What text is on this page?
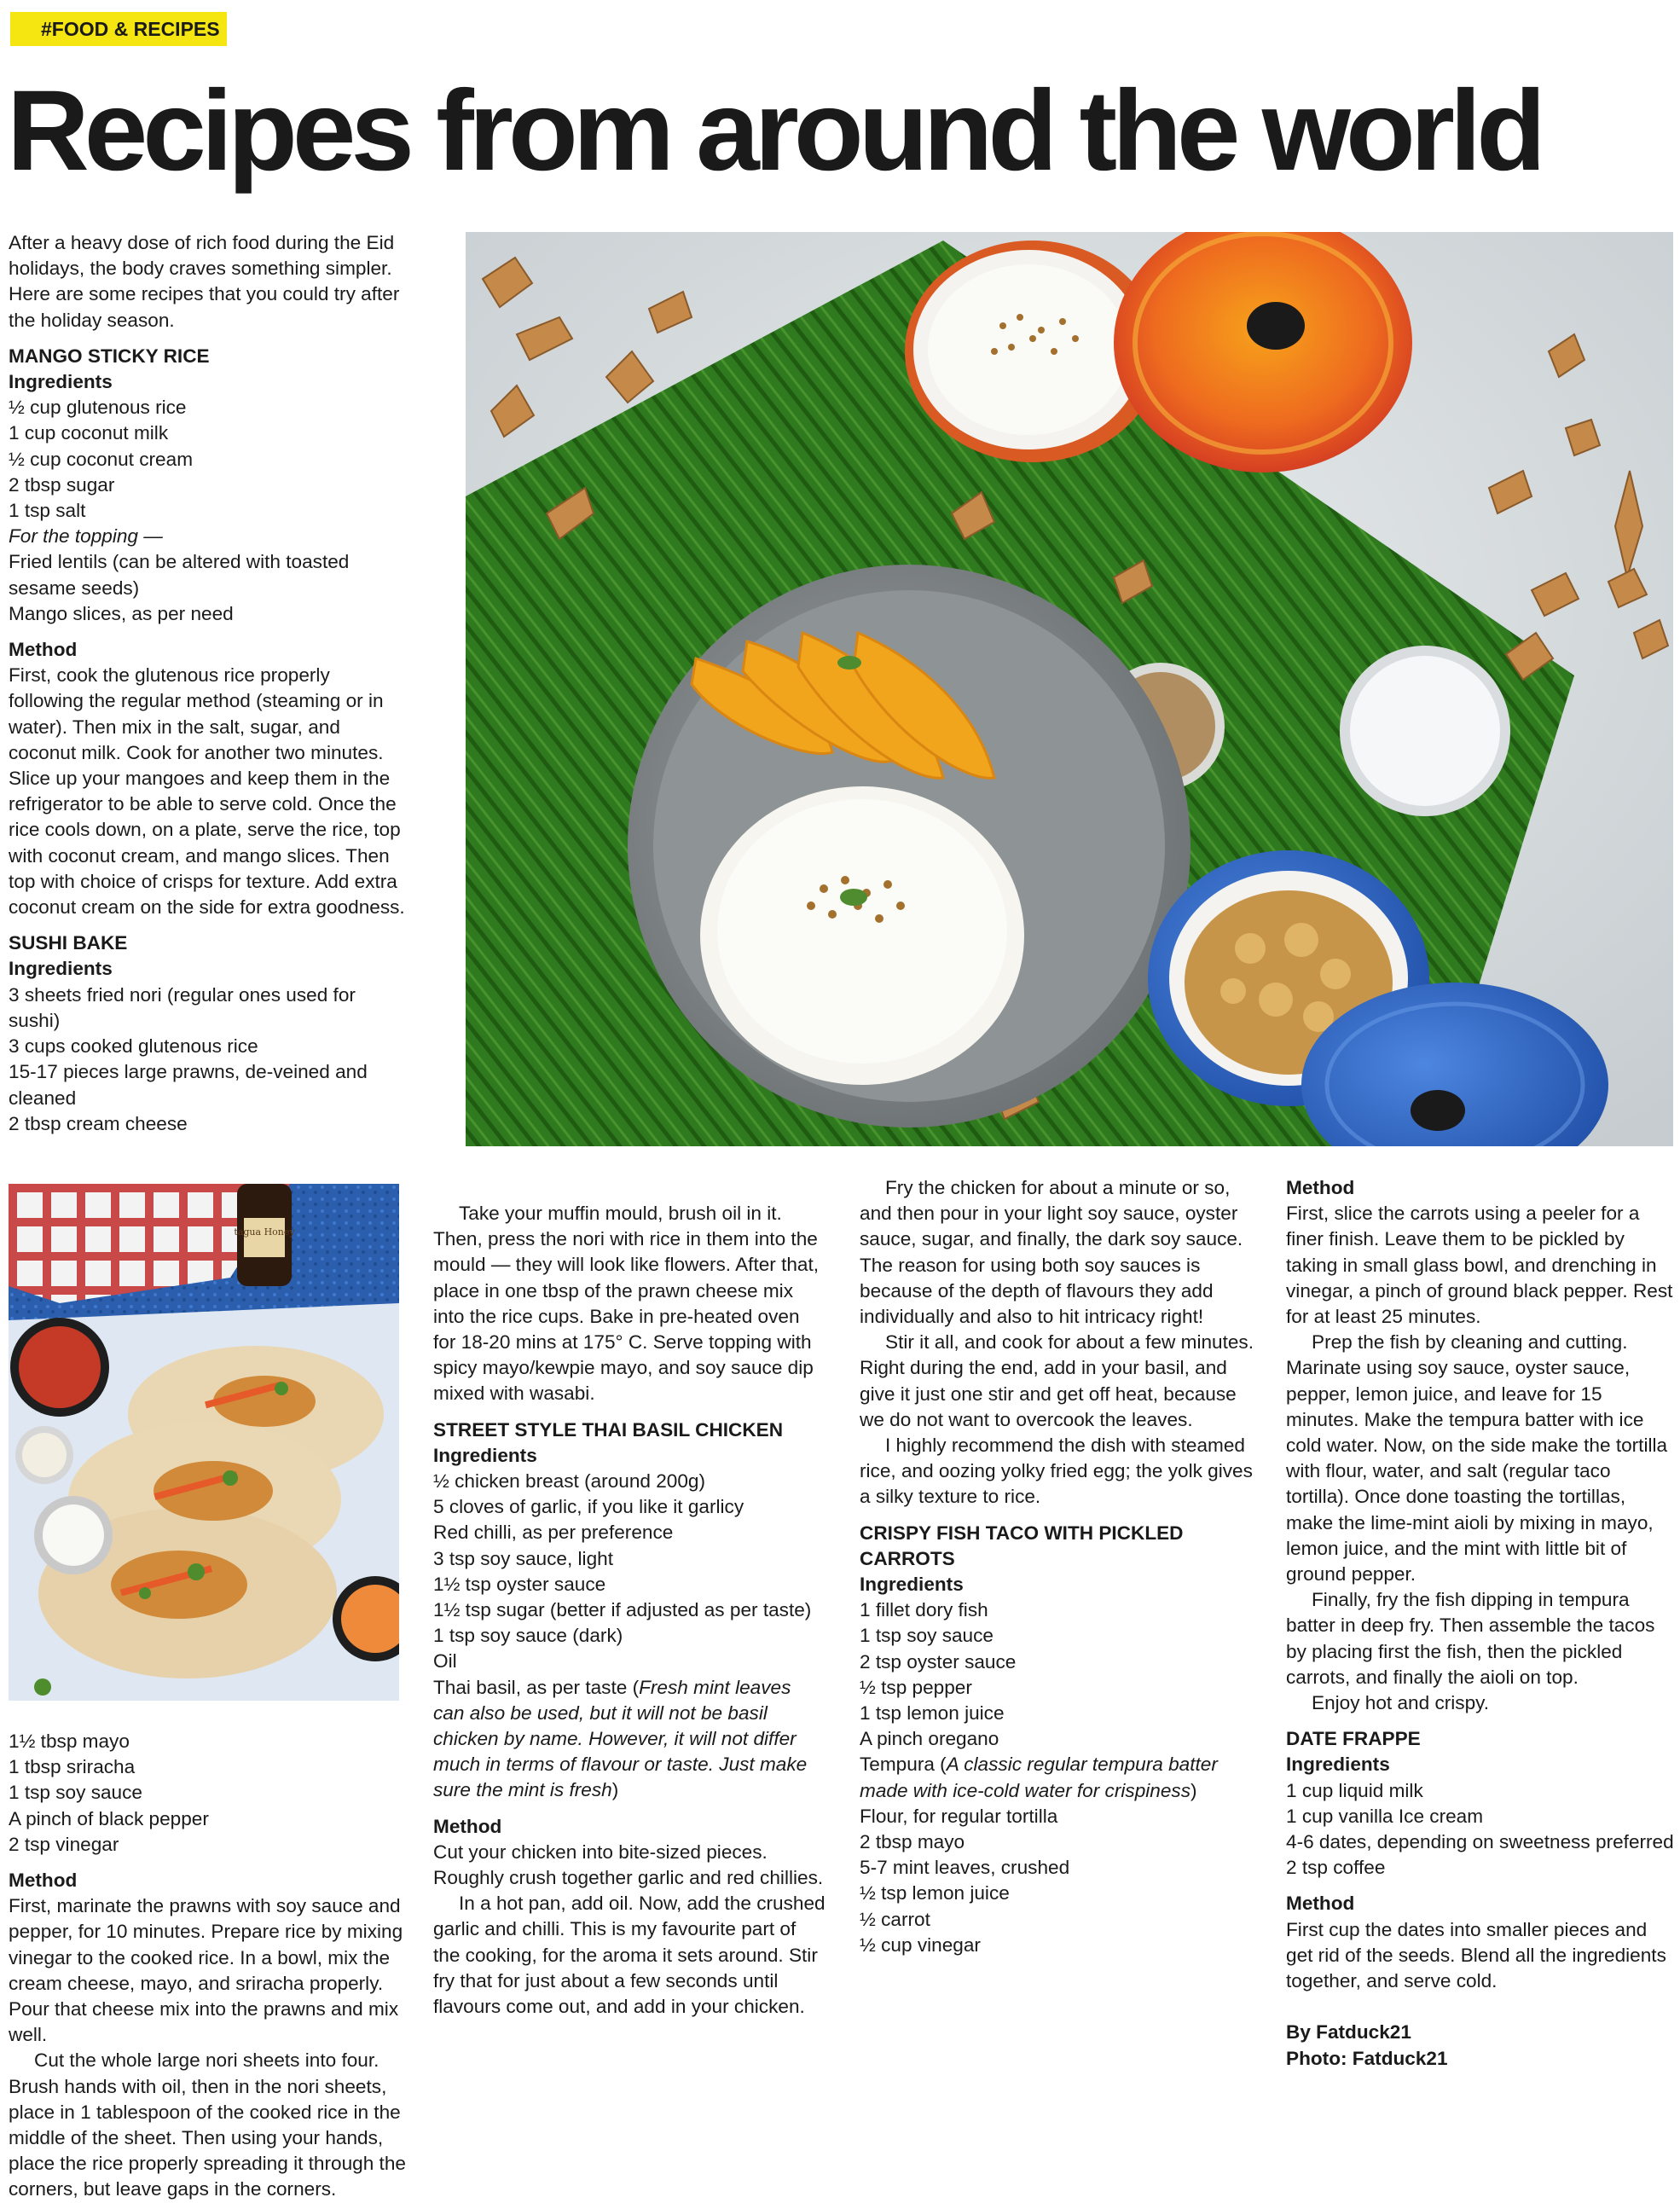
#FOOD & RECIPES
Recipes from around the world

After a heavy dose of rich food during the Eid holidays, the body craves something simpler. Here are some recipes that you could try after the holiday season.

MANGO STICKY RICE

Ingredients

½ cup glutenous rice

1 cup coconut milk

½ cup coconut cream

2 tbsp sugar

1 tsp salt

For the topping —

Fried lentils (can be altered with toasted sesame seeds)

Mango slices, as per need

Method

First, cook the glutenous rice properly following the regular method (steaming or in water). Then mix in the salt, sugar, and coconut milk. Cook for another two minutes. Slice up your mangoes and keep them in the refrigerator to be able to serve cold. Once the rice cools down, on a plate, serve the rice, top with coconut cream, and mango slices. Then top with choice of crisps for texture. Add extra coconut cream on the side for extra goodness.

SUSHI BAKE

Ingredients

3 sheets fried nori (regular ones used for sushi)

3 cups cooked glutenous rice

15-17 pieces large prawns, de-veined and cleaned

2 tbsp cream cheese

tagua Honey

1½ tbsp mayo

1 tbsp sriracha

1 tsp soy sauce

A pinch of black pepper

2 tsp vinegar

Method

First, marinate the prawns with soy sauce and pepper, for 10 minutes. Prepare rice by mixing vinegar to the cooked rice. In a bowl, mix the cream cheese, mayo, and sriracha properly. Pour that cheese mix into the prawns and mix well.

Cut the whole large nori sheets into four. Brush hands with oil, then in the nori sheets, place in 1 tablespoon of the cooked rice in the middle of the sheet. Then using your hands, place the rice properly spreading it through the corners, but leave gaps in the corners.

Take your muffin mould, brush oil in it. Then, press the nori with rice in them into the mould — they will look like flowers. After that, place in one tbsp of the prawn cheese mix into the rice cups. Bake in pre-heated oven for 18-20 mins at 175° C. Serve topping with spicy mayo/kewpie mayo, and soy sauce dip mixed with wasabi.

STREET STYLE THAI BASIL CHICKEN

Ingredients

½ chicken breast (around 200g)

5 cloves of garlic, if you like it garlicy

Red chilli, as per preference

3 tsp soy sauce, light

1½ tsp oyster sauce

1½ tsp sugar (better if adjusted as per taste)

1 tsp soy sauce (dark)

Oil

Thai basil, as per taste (Fresh mint leaves can also be used, but it will not be basil chicken by name. However, it will not differ much in terms of flavour or taste. Just make sure the mint is fresh)

Method

Cut your chicken into bite-sized pieces. Roughly crush together garlic and red chillies.

In a hot pan, add oil. Now, add the crushed garlic and chilli. This is my favourite part of the cooking, for the aroma it sets around. Stir fry that for just about a few seconds until flavours come out, and add in your chicken.

Fry the chicken for about a minute or so, and then pour in your light soy sauce, oyster sauce, sugar, and finally, the dark soy sauce. The reason for using both soy sauces is because of the depth of flavours they add individually and also to hit intricacy right!

Stir it all, and cook for about a few minutes. Right during the end, add in your basil, and give it just one stir and get off heat, because we do not want to overcook the leaves.

I highly recommend the dish with steamed rice, and oozing yolky fried egg; the yolk gives a silky texture to rice.

CRISPY FISH TACO WITH PICKLED CARROTS

Ingredients

1 fillet dory fish

1 tsp soy sauce

2 tsp oyster sauce

½ tsp pepper

1 tsp lemon juice

A pinch oregano

Tempura (A classic regular tempura batter made with ice-cold water for crispiness)

Flour, for regular tortilla

2 tbsp mayo

5-7 mint leaves, crushed

½ tsp lemon juice

½ carrot

½ cup vinegar

Method

First, slice the carrots using a peeler for a finer finish. Leave them to be pickled by taking in small glass bowl, and drenching in vinegar, a pinch of ground black pepper. Rest for at least 25 minutes.

Prep the fish by cleaning and cutting. Marinate using soy sauce, oyster sauce, pepper, lemon juice, and leave for 15 minutes. Make the tempura batter with ice cold water. Now, on the side make the tortilla with flour, water, and salt (regular taco tortilla). Once done toasting the tortillas, make the lime-mint aioli by mixing in mayo, lemon juice, and the mint with little bit of ground pepper.

Finally, fry the fish dipping in tempura batter in deep fry. Then assemble the tacos by placing first the fish, then the pickled carrots, and finally the aioli on top.

Enjoy hot and crispy.

DATE FRAPPE

Ingredients

1 cup liquid milk

1 cup vanilla Ice cream

4-6 dates, depending on sweetness preferred

2 tsp coffee

Method

First cup the dates into smaller pieces and get rid of the seeds. Blend all the ingredients together, and serve cold.

By Fatduck21

Photo: Fatduck21
